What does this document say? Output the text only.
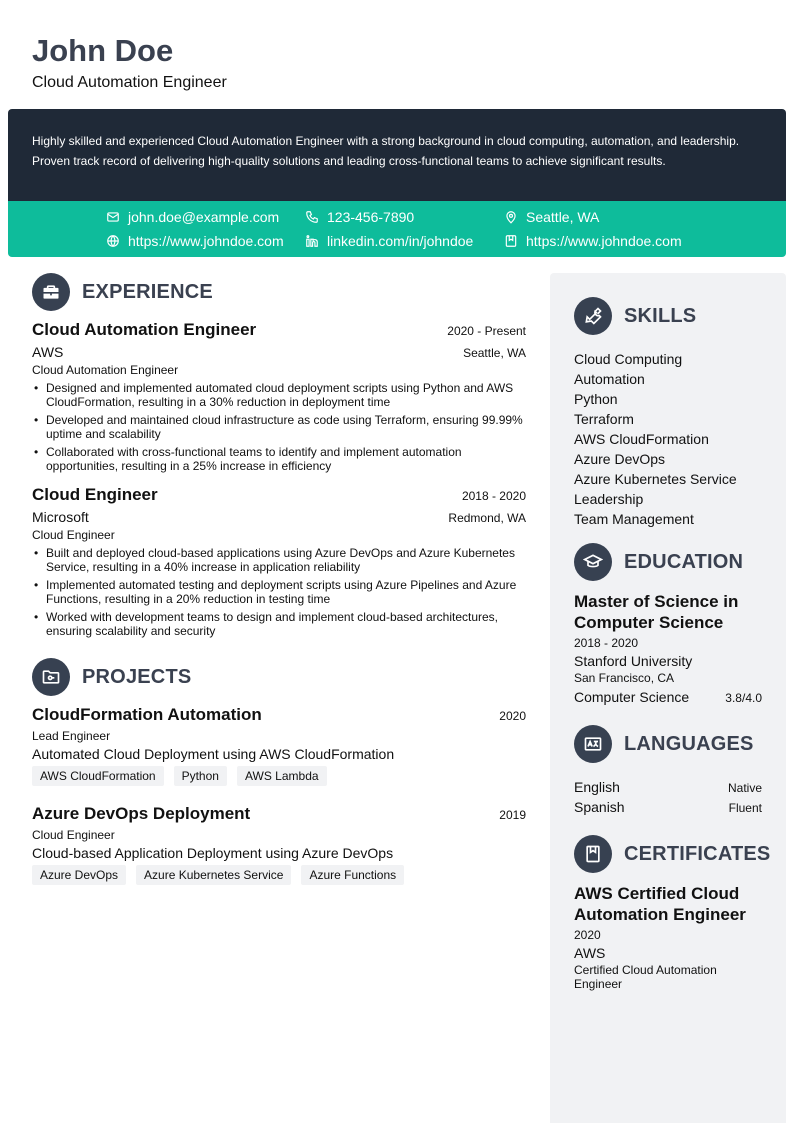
John Doe
Cloud Automation Engineer

Highly skilled and experienced Cloud Automation Engineer with a strong background in cloud computing, automation, and leadership. Proven track record of delivering high-quality solutions and leading cross-functional teams to achieve significant results.

john.doe@example.com	123-456-7890	Seattle, WA
https://www.johndoe.com	linkedin.com/in/johndoe	https://www.johndoe.com
EXPERIENCE
Cloud Automation Engineer	2020 - Present
AWS	Seattle, WA
Cloud Automation Engineer
• Designed and implemented automated cloud deployment scripts using Python and AWS CloudFormation, resulting in a 30% reduction in deployment time
• Developed and maintained cloud infrastructure as code using Terraform, ensuring 99.99% uptime and scalability
• Collaborated with cross-functional teams to identify and implement automation opportunities, resulting in a 25% increase in efficiency
Cloud Engineer	2018 - 2020
Microsoft	Redmond, WA
Cloud Engineer
• Built and deployed cloud-based applications using Azure DevOps and Azure Kubernetes Service, resulting in a 40% increase in application reliability
• Implemented automated testing and deployment scripts using Azure Pipelines and Azure Functions, resulting in a 20% reduction in testing time
• Worked with development teams to design and implement cloud-based architectures, ensuring scalability and security
PROJECTS
CloudFormation Automation	2020
Lead Engineer
Automated Cloud Deployment using AWS CloudFormation
AWS CloudFormation	Python	AWS Lambda
Azure DevOps Deployment	2019
Cloud Engineer
Cloud-based Application Deployment using Azure DevOps
Azure DevOps	Azure Kubernetes Service	Azure Functions
SKILLS
Cloud Computing
Automation
Python
Terraform
AWS CloudFormation
Azure DevOps
Azure Kubernetes Service
Leadership
Team Management
EDUCATION
Master of Science in Computer Science
2018 - 2020
Stanford University
San Francisco, CA
Computer Science	3.8/4.0
LANGUAGES
English	Native
Spanish	Fluent
CERTIFICATES
AWS Certified Cloud Automation Engineer
2020
AWS
Certified Cloud Automation Engineer
